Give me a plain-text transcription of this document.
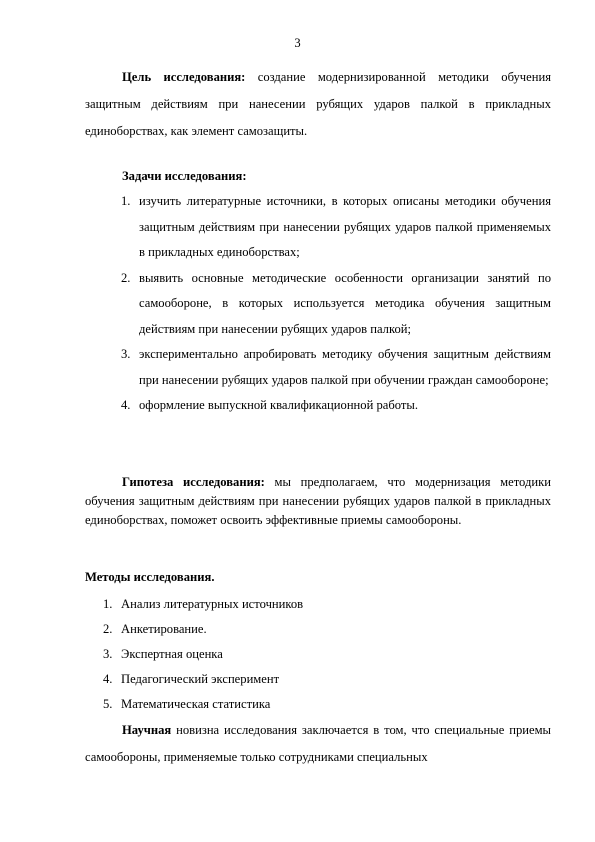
3

Цель исследования: создание модернизированной методики обучения защитным действиям при нанесении рубящих ударов палкой в прикладных единоборствах, как элемент самозащиты.

Задачи исследования:

1. изучить литературные источники, в которых описаны методики обучения защитным действиям при нанесении рубящих ударов палкой применяемых в прикладных единоборствах;
2. выявить основные методические особенности организации занятий по самообороне, в которых используется методика обучения защитным действиям при нанесении рубящих ударов палкой;
3. экспериментально апробировать методику обучения защитным действиям при нанесении рубящих ударов палкой при обучении граждан самообороне;
4. оформление выпускной квалификационной работы.

Гипотеза исследования: мы предполагаем, что модернизация методики обучения защитным действиям при нанесении рубящих ударов палкой в прикладных единоборствах, поможет освоить эффективные приемы самообороны.

Методы исследования.

1. Анализ литературных источников
2. Анкетирование.
3. Экспертная оценка
4. Педагогический эксперимент
5. Математическая статистика

Научная новизна исследования заключается в том, что специальные приемы самообороны, применяемые только сотрудниками специальных
